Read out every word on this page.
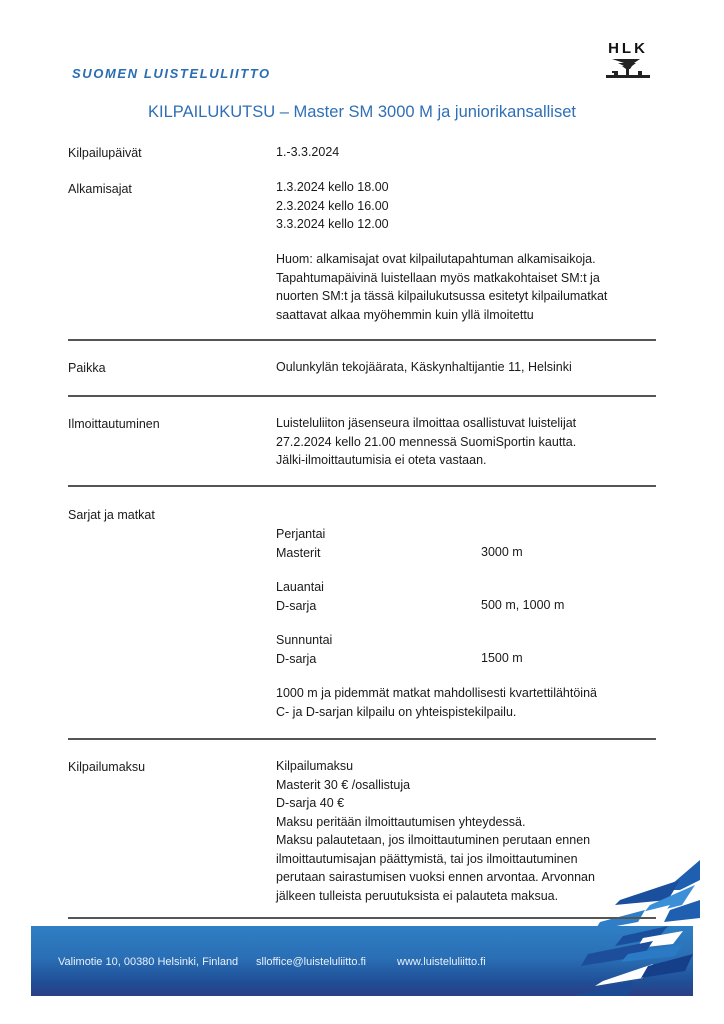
SUOMEN LUISTELULIITTO
HLK
KILPAILUKUTSU – Master SM 3000 M ja juniorikansalliset
Kilpailupäivät	1.-3.3.2024
Alkamisajat	1.3.2024 kello 18.00
2.3.2024 kello 16.00
3.3.2024 kello 12.00
Huom: alkamisajat ovat kilpailutapahtuman alkamisaikoja.
Tapahtumapäivinä luistellaan myös matkakohtaiset SM:t ja
nuorten SM:t ja tässä kilpailukutsussa esitetyt kilpailumatkat
saattavat alkaa myöhemmin kuin yllä ilmoitettu
Paikka	Oulunkylän tekojäärata, Käskynhaltijantie 11, Helsinki
Ilmoittautuminen	Luisteluliiton jäsenseura ilmoittaa osallistuvat luistelijat
27.2.2024 kello 21.00 mennessä SuomiSportin kautta.
Jälki-ilmoittautumisia ei oteta vastaan.
Sarjat ja matkat
Perjantai
Masterit	3000 m
Lauantai
D-sarja	500 m, 1000 m
Sunnuntai
D-sarja	1500 m
1000 m ja pidemmät matkat mahdollisesti kvartettilähtöinä
C- ja D-sarjan kilpailu on yhteispistekilpailu.
Kilpailumaksu	Kilpailumaksu
Masterit 30 € /osallistuja
D-sarja 40 €
Maksu peritään ilmoittautumisen yhteydessä.
Maksu palautetaan, jos ilmoittautuminen perutaan ennen
ilmoittautumisajan päättymistä, tai jos ilmoittautuminen
perutaan sairastumisen vuoksi ennen arvontaa. Arvonnan
jälkeen tulleista peruutuksista ei palauteta maksua.
Valimotie 10, 00380 Helsinki, Finland slloffice@luisteluliitto.fi	www.luisteluliitto.fi
